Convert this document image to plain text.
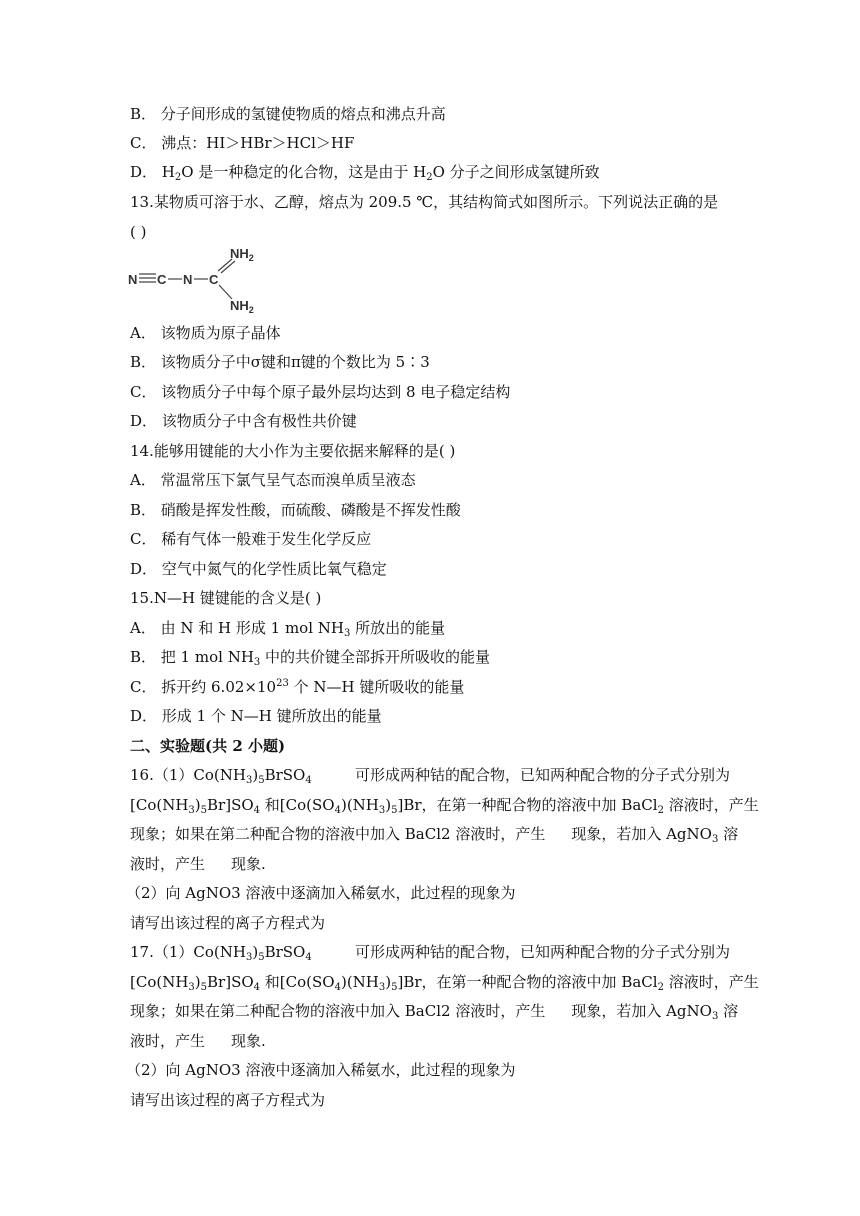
B． 分子间形成的氢键使物质的熔点和沸点升高
C． 沸点：HI＞HBr＞HCl＞HF
D． $H_2O$ 是一种稳定的化合物，这是由于 $H_2O$ 分子之间形成氢键所致
13.某物质可溶于水、乙醇，熔点为 209.5 ℃，其结构简式如图所示。下列说法正确的是
( )
N C N C
$NH_2$
$NH_2$
A． 该物质为原子晶体
B． 该物质分子中σ键和π键的个数比为 5∶3
C． 该物质分子中每个原子最外层均达到 8 电子稳定结构
D． 该物质分子中含有极性共价键
14.能够用键能的大小作为主要依据来解释的是( )
A． 常温常压下氯气呈气态而溴单质呈液态
B． 硝酸是挥发性酸，而硫酸、磷酸是不挥发性酸
C． 稀有气体一般难于发生化学反应
D． 空气中氮气的化学性质比氧气稳定
15.N—H 键键能的含义是( )
A． 由 N 和 H 形成 1 mol $NH_3$ 所放出的能量
B． 把 1 mol $NH_3$ 中的共价键全部拆开所吸收的能量
C． 拆开约 $6.02\times 10^{23}$ 个 N—H 键所吸收的能量
D． 形成 1 个 N—H 键所放出的能量
二、实验题(共 2 小题)
$16.(1)Co(NH_3)_5BrSO_4$	可形成两种钴的配合物，已知两种配合物的分子式分别为
$[Co(NH_3)_5Br]SO_4$ 和$[Co(SO_4)(NH_3)_5]Br$，在第一种配合物的溶液中加 BaCl$_2$ 溶液时，产生
现象；如果在第二种配合物的溶液中加入 BaCl2 溶液时，产生 现象，若加入 AgNO$_3$ 溶
液时，产生 现象.
（2）向 AgNO3 溶液中逐滴加入稀氨水，此过程的现象为
请写出该过程的离子方程式为
$17.(1)Co(NH_3)_5BrSO_4$	可形成两种钴的配合物，已知两种配合物的分子式分别为
$[Co(NH_3)_5Br]SO_4$ 和$[Co(SO_4)(NH_3)_5]Br$，在第一种配合物的溶液中加 BaCl$_2$ 溶液时，产生
现象；如果在第二种配合物的溶液中加入 BaCl2 溶液时，产生 现象，若加入 AgNO$_3$ 溶
液时，产生 现象.
（2）向 AgNO3 溶液中逐滴加入稀氨水，此过程的现象为
请写出该过程的离子方程式为
